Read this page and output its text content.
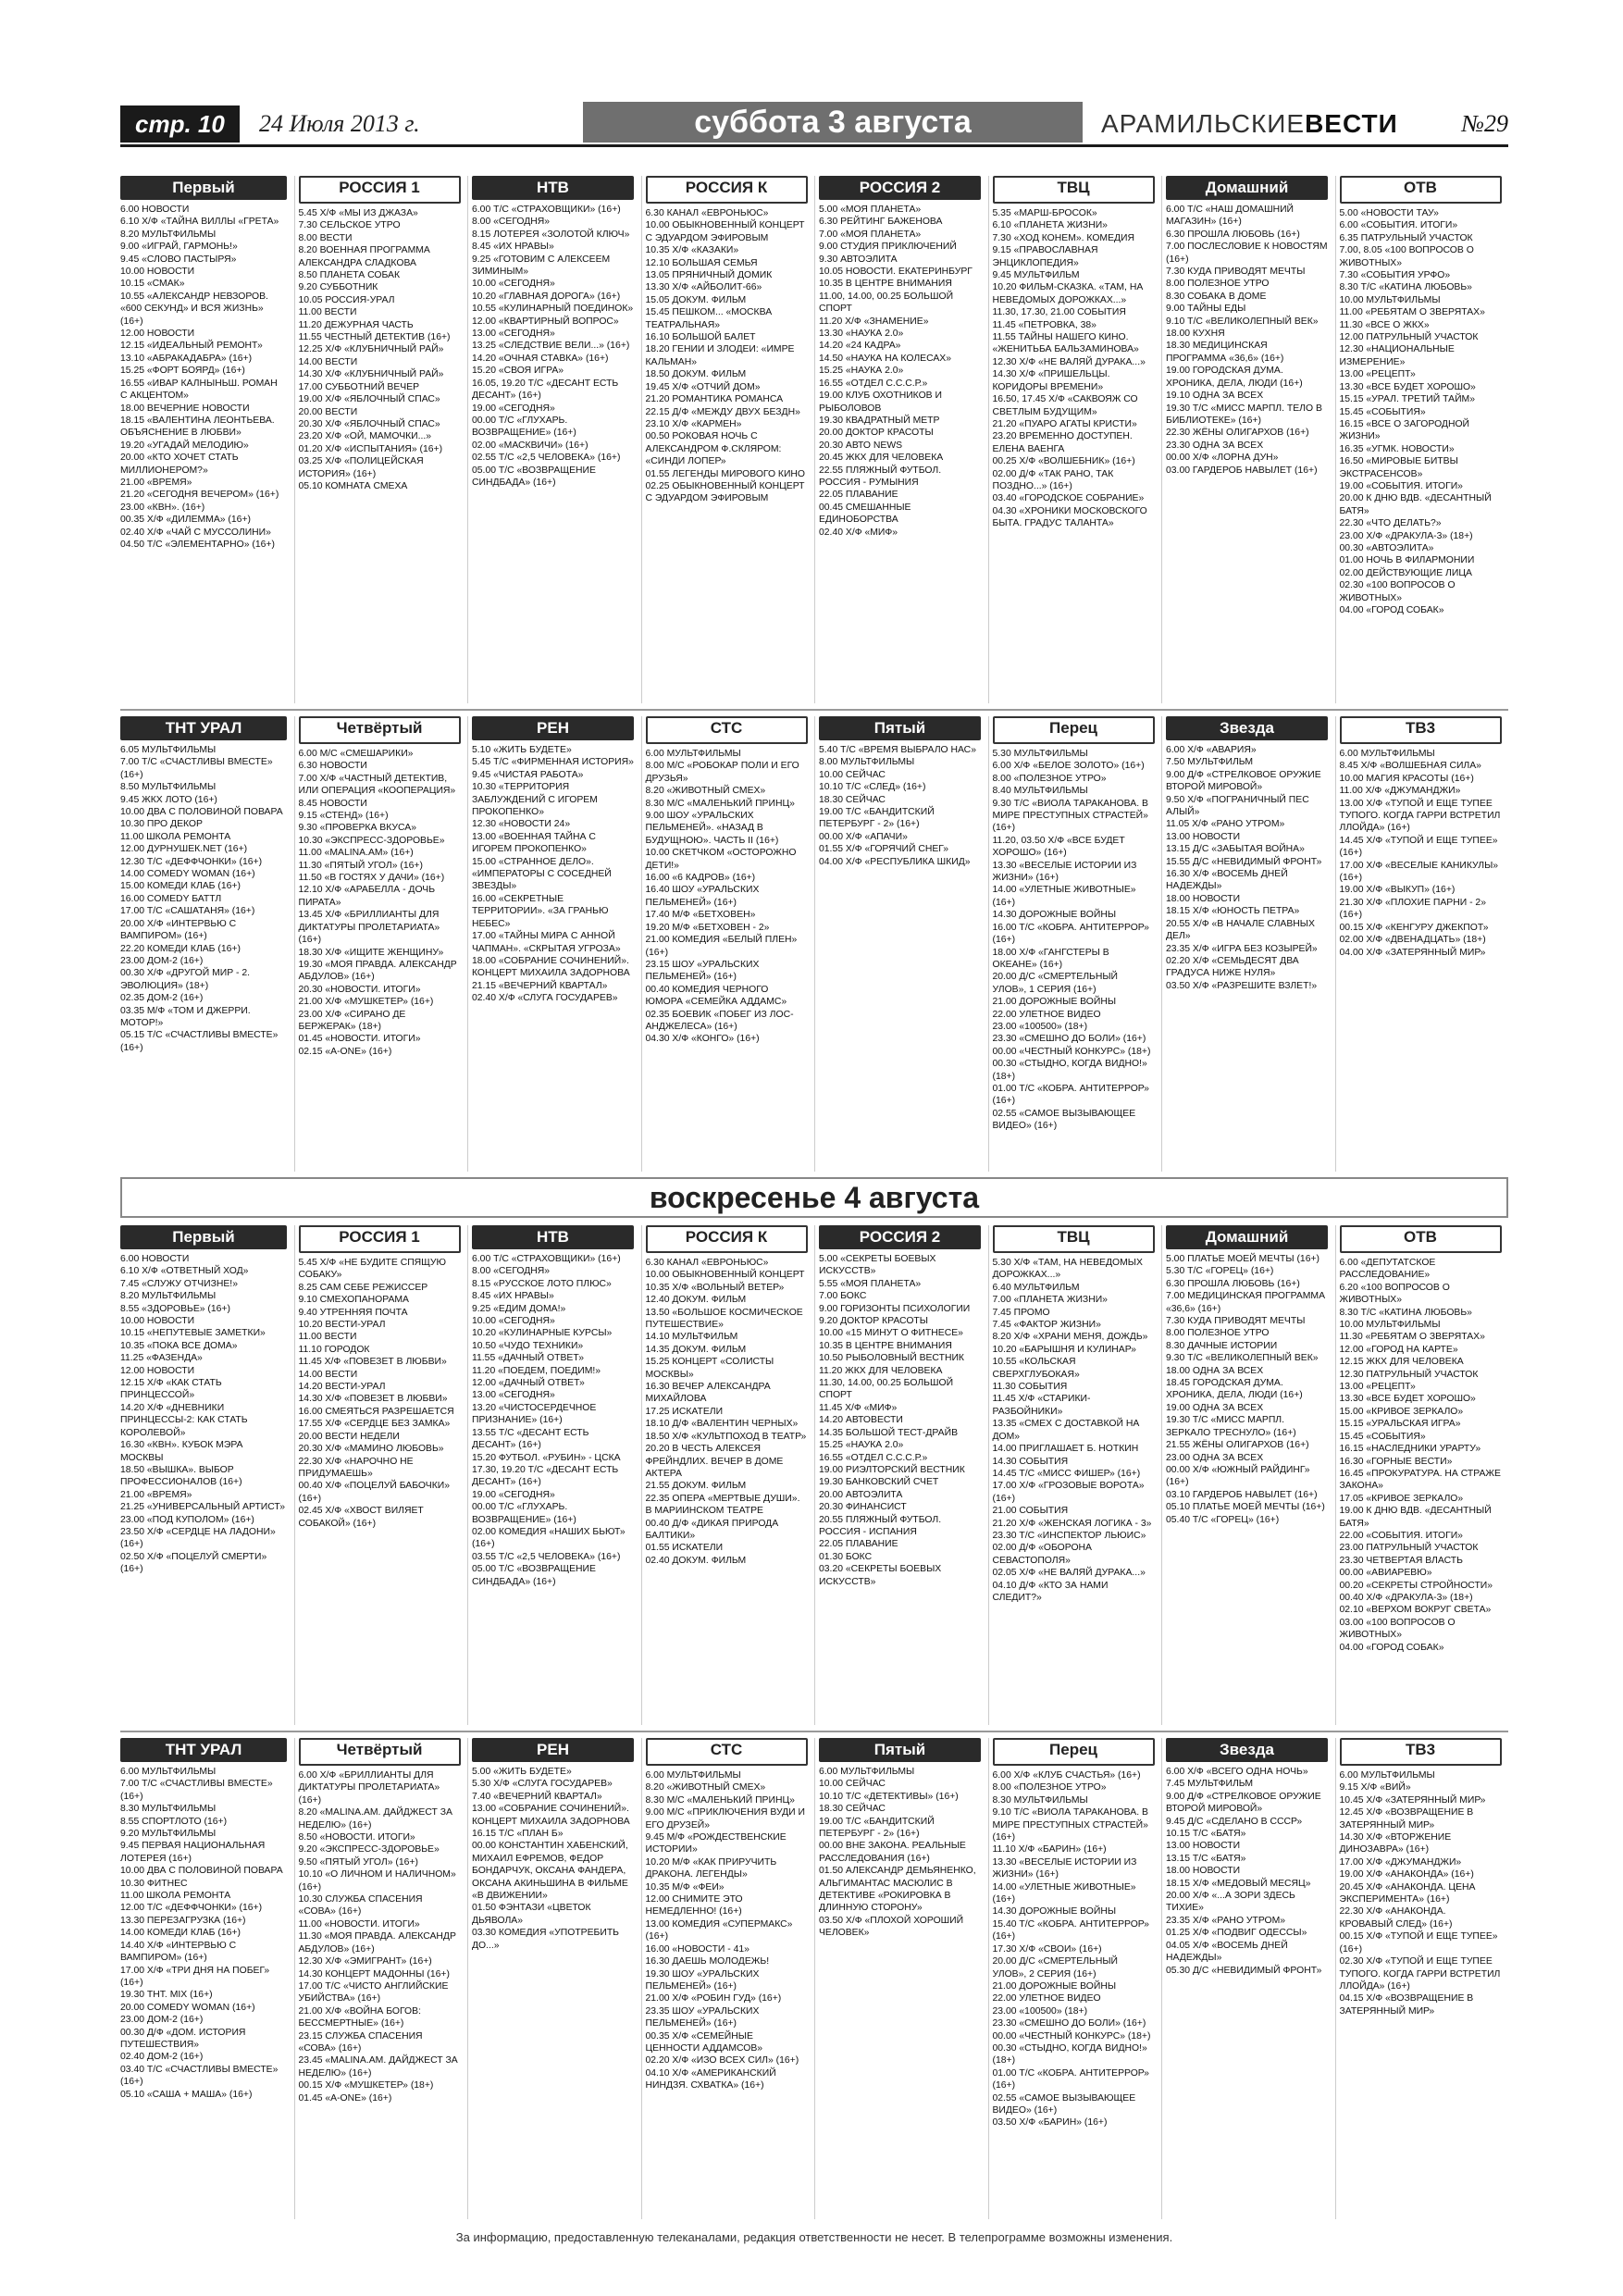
стр. 10	24 Июля 2013 г.	суббота 3 августа	АРАМИЛЬСКИЕВЕСТИ	№29
Первый
6.00 НОВОСТИ
6.10 Х/Ф «ТАЙНА ВИЛЛЫ «ГРЕТА»
8.20 МУЛЬТФИЛЬМЫ
9.00 «ИГРАЙ, ГАРМОНЬ!»
9.45 «СЛОВО ПАСТЫРЯ»
10.00 НОВОСТИ
10.15 «СМАК»
10.55 «АЛЕКСАНДР НЕВЗОРОВ. «600 СЕКУНД» И ВСЯ ЖИЗНЬ» (16+)
12.00 НОВОСТИ
12.15 «ИДЕАЛЬНЫЙ РЕМОНТ»
13.10 «АБРАКАДАБРА» (16+)
15.25 «ФОРТ БОЯРД» (16+)
16.55 «ИВАР КАЛНЫНЬШ. РОМАН С АКЦЕНТОМ»
18.00 ВЕЧЕРНИЕ НОВОСТИ
18.15 «ВАЛЕНТИНА ЛЕОНТЬЕВА. ОБЪЯСНЕНИЕ В ЛЮБВИ»
19.20 «УГАДАЙ МЕЛОДИЮ»
20.00 «КТО ХОЧЕТ СТАТЬ МИЛЛИОНЕРОМ?»
21.00 «ВРЕМЯ»
21.20 «СЕГОДНЯ ВЕЧЕРОМ» (16+)
23.00 «КВН». (16+)
00.35 Х/Ф «ДИЛЕММА» (16+)
02.40 Х/Ф «ЧАЙ С МУССОЛИНИ»
04.50 Т/С «ЭЛЕМЕНТАРНО» (16+)
РОССИЯ 1
5.45 Х/Ф «МЫ ИЗ ДЖАЗА»
7.30 СЕЛЬСКОЕ УТРО
8.00 ВЕСТИ
8.20 ВОЕННАЯ ПРОГРАММА АЛЕКСАНДРА СЛАДКОВА
8.50 ПЛАНЕТА СОБАК
9.20 СУББОТНИК
10.05 РОССИЯ-УРАЛ
11.00 ВЕСТИ
11.20 ДЕЖУРНАЯ ЧАСТЬ
11.55 ЧЕСТНЫЙ ДЕТЕКТИВ (16+)
12.25 Х/Ф «КЛУБНИЧНЫЙ РАЙ»
14.00 ВЕСТИ
14.30 Х/Ф «КЛУБНИЧНЫЙ РАЙ»
17.00 СУББОТНИЙ ВЕЧЕР
19.00 Х/Ф «ЯБЛОЧНЫЙ СПАС»
20.00 ВЕСТИ
20.30 Х/Ф «ЯБЛОЧНЫЙ СПАС»
23.20 Х/Ф «ОЙ, МАМОЧКИ...»
01.20 Х/Ф «ИСПЫТАНИЯ» (16+)
03.25 Х/Ф «ПОЛИЦЕЙСКАЯ ИСТОРИЯ» (16+)
05.10 КОМНАТА СМЕХА
НТВ
6.00 Т/С «СТРАХОВЩИКИ» (16+)
8.00 «СЕГОДНЯ»
8.15 ЛОТЕРЕЯ «ЗОЛОТОЙ КЛЮЧ»
8.45 «ИХ НРАВЫ»
9.25 «ГОТОВИМ С АЛЕКСЕЕМ ЗИМИНЫМ»
10.00 «СЕГОДНЯ»
10.20 «ГЛАВНАЯ ДОРОГА» (16+)
10.55 «КУЛИНАРНЫЙ ПОЕДИНОК»
12.00 «КВАРТИРНЫЙ ВОПРОС»
13.00 «СЕГОДНЯ»
13.25 «СЛЕДСТВИЕ ВЕЛИ...» (16+)
14.20 «ОЧНАЯ СТАВКА» (16+)
15.20 «СВОЯ ИГРА»
16.05, 19.20 Т/С «ДЕСАНТ ЕСТЬ ДЕСАНТ» (16+)
19.00 «СЕГОДНЯ»
00.00 Т/С «ГЛУХАРЬ. ВОЗВРАЩЕНИЕ» (16+)
02.00 «МАСКВИЧИ» (16+)
02.55 Т/С «2,5 ЧЕЛОВЕКА» (16+)
05.00 Т/С «ВОЗВРАЩЕНИЕ СИНДБАДА» (16+)
РОССИЯ К
6.30 КАНАЛ «ЕВРОНЬЮС»
10.00 ОБЫКНОВЕННЫЙ КОНЦЕРТ С ЭДУАРДОМ ЭФИРОВЫМ
10.35 Х/Ф «КАЗАКИ»
12.10 БОЛЬШАЯ СЕМЬЯ
13.05 ПРЯНИЧНЫЙ ДОМИК
13.30 Х/Ф «АЙБОЛИТ-66»
15.05 ДОКУМ. ФИЛЬМ
15.45 ПЕШКОМ... «МОСКВА ТЕАТРАЛЬНАЯ»
16.10 БОЛЬШОЙ БАЛЕТ
18.20 ГЕНИИ И ЗЛОДЕИ: «ИМРЕ КАЛЬМАН»
18.50 ДОКУМ. ФИЛЬМ
19.45 Х/Ф «ОТЧИЙ ДОМ»
21.20 РОМАНТИКА РОМАНСА
22.15 Д/Ф «МЕЖДУ ДВУХ БЕЗДН»
23.10 Х/Ф «КАРМЕН»
00.50 РОКОВАЯ НОЧЬ С АЛЕКСАНДРОМ Ф.СКЛЯРОМ: «СИНДИ ЛОПЕР»
01.55 ЛЕГЕНДЫ МИРОВОГО КИНО
02.25 ОБЫКНОВЕННЫЙ КОНЦЕРТ С ЭДУАРДОМ ЭФИРОВЫМ
РОССИЯ 2
5.00 «МОЯ ПЛАНЕТА»
6.30 РЕЙТИНГ БАЖЕНОВА
7.00 «МОЯ ПЛАНЕТА»
9.00 СТУДИЯ ПРИКЛЮЧЕНИЙ
9.30 АВТОЭЛИТА
10.05 НОВОСТИ. ЕКАТЕРИНБУРГ
10.35 В ЦЕНТРЕ ВНИМАНИЯ
11.00, 14.00, 00.25 БОЛЬШОЙ СПОРТ
11.20 Х/Ф «ЗНАМЕНИЕ»
13.30 «НАУКА 2.0»
14.20 «24 КАДРА»
14.50 «НАУКА НА КОЛЕСАХ»
15.25 «НАУКА 2.0»
16.55 «ОТДЕЛ С.С.С.Р.»
19.00 КЛУБ ОХОТНИКОВ И РЫБОЛОВОВ
19.30 КВАДРАТНЫЙ МЕТР
20.00 ДОКТОР КРАСОТЫ
20.30 АВТО NEWS
20.45 ЖКХ ДЛЯ ЧЕЛОВЕКА
22.55 ПЛЯЖНЫЙ ФУТБОЛ. РОССИЯ - РУМЫНИЯ
22.05 ПЛАВАНИЕ
00.45 СМЕШАННЫЕ ЕДИНОБОРСТВА
02.40 Х/Ф «МИФ»
ТВЦ
5.35 «МАРШ-БРОСОК»
6.10 «ПЛАНЕТА ЖИЗНИ»
7.30 «ХОД КОНЕМ». КОМЕДИЯ
9.15 «ПРАВОСЛАВНАЯ ЭНЦИКЛОПЕДИЯ»
9.45 МУЛЬТФИЛЬМ
10.20 ФИЛЬМ-СКАЗКА. «ТАМ, НА НЕВЕДОМЫХ ДОРОЖКАХ...»
11.30, 17.30, 21.00 СОБЫТИЯ
11.45 «ПЕТРОВКА, 38»
11.55 ТАЙНЫ НАШЕГО КИНО. «ЖЕНИТЬБА БАЛЬЗАМИНОВА»
12.30 Х/Ф «НЕ ВАЛЯЙ ДУРАКА...»
14.30 Х/Ф «ПРИШЕЛЬЦЫ. КОРИДОРЫ ВРЕМЕНИ»
16.50, 17.45 Х/Ф «САКВОЯЖ СО СВЕТЛЫМ БУДУЩИМ»
21.20 «ПУАРО АГАТЫ КРИСТИ»
23.20 ВРЕМЕННО ДОСТУПЕН. ЕЛЕНА ВАЕНГА
00.25 Х/Ф «ВОЛШЕБНИК» (16+)
02.00 Д/Ф «ТАК РАНО, ТАК ПОЗДНО...» (16+)
03.40 «ГОРОДСКОЕ СОБРАНИЕ»
04.30 «ХРОНИКИ МОСКОВСКОГО БЫТА. ГРАДУС ТАЛАНТА»
Домашний
6.00 Т/С «НАШ ДОМАШНИЙ МАГАЗИН» (16+)
6.30 ПРОШЛА ЛЮБОВЬ (16+)
7.00 ПОСЛЕСЛОВИЕ К НОВОСТЯМ (16+)
7.30 КУДА ПРИВОДЯТ МЕЧТЫ
8.00 ПОЛЕЗНОЕ УТРО
8.30 СОБАКА В ДОМЕ
9.00 ТАЙНЫ ЕДЫ
9.10 Т/С «ВЕЛИКОЛЕПНЫЙ ВЕК»
18.00 КУХНЯ
18.30 МЕДИЦИНСКАЯ ПРОГРАММА «36,6» (16+)
19.00 ГОРОДСКАЯ ДУМА. ХРОНИКА, ДЕЛА, ЛЮДИ (16+)
19.10 ОДНА ЗА ВСЕХ
19.30 Т/С «МИСС МАРПЛ. ТЕЛО В БИБЛИОТЕКЕ» (16+)
22.30 ЖЁНЫ ОЛИГАРХОВ (16+)
23.30 ОДНА ЗА ВСЕХ
00.00 Х/Ф «ЛОРНА ДУН»
03.00 ГАРДЕРОБ НАВЫЛЕТ (16+)
ОТВ
5.00 «НОВОСТИ ТАУ»
6.00 «СОБЫТИЯ. ИТОГИ»
6.35 ПАТРУЛЬНЫЙ УЧАСТОК
7.00, 8.05 «100 ВОПРОСОВ О ЖИВОТНЫХ»
7.30 «СОБЫТИЯ УРФО»
8.30 Т/С «КАТИНА ЛЮБОВЬ»
10.00 МУЛЬТФИЛЬМЫ
11.00 «РЕБЯТАМ О ЗВЕРЯТАХ»
11.30 «ВСЕ О ЖКХ»
12.00 ПАТРУЛЬНЫЙ УЧАСТОК
12.30 «НАЦИОНАЛЬНЫЕ ИЗМЕРЕНИЕ»
13.00 «РЕЦЕПТ»
13.30 «ВСЕ БУДЕТ ХОРОШО»
15.15 «УРАЛ. ТРЕТИЙ ТАЙМ»
15.45 «СОБЫТИЯ»
16.15 «ВСЕ О ЗАГОРОДНОЙ ЖИЗНИ»
16.35 «УГМК. НОВОСТИ»
16.50 «МИРОВЫЕ БИТВЫ ЭКСТРАСЕНСОВ»
19.00 «СОБЫТИЯ. ИТОГИ»
20.00 К ДНЮ ВДВ. «ДЕСАНТНЫЙ БАТЯ»
22.30 «ЧТО ДЕЛАТЬ?»
23.00 Х/Ф «ДРАКУЛА-3» (18+)
00.30 «АВТОЭЛИТА»
01.00 НОЧЬ В ФИЛАРМОНИИ
02.00 ДЕЙСТВУЮЩИЕ ЛИЦА
02.30 «100 ВОПРОСОВ О ЖИВОТНЫХ»
04.00 «ГОРОД СОБАК»
ТНТ УРАЛ
6.05 МУЛЬТФИЛЬМЫ
7.00 Т/С «СЧАСТЛИВЫ ВМЕСТЕ» (16+)
8.50 МУЛЬТФИЛЬМЫ
9.45 ЖКХ ЛОТО (16+)
10.00 ДВА С ПОЛОВИНОЙ ПОВАРА
10.30 ПРО ДЕКОР
11.00 ШКОЛА РЕМОНТА
12.00 ДУРНУШЕК.NET (16+)
12.30 Т/С «ДЕФФЧОНКИ» (16+)
14.00 COMEDY WOMAN (16+)
15.00 КОМЕДИ КЛАБ (16+)
16.00 COMEDY БАТТЛ
17.00 Т/С «САШАТАНЯ» (16+)
20.00 Х/Ф «ИНТЕРВЬЮ С ВАМПИРОМ» (16+)
22.20 КОМЕДИ КЛАБ (16+)
23.00 ДОМ-2 (16+)
00.30 Х/Ф «ДРУГОЙ МИР - 2. ЭВОЛЮЦИЯ» (18+)
02.35 ДОМ-2 (16+)
03.35 М/Ф «ТОМ И ДЖЕРРИ. МОТОР!»
05.15 Т/С «СЧАСТЛИВЫ ВМЕСТЕ» (16+)
Четвёртый
6.00 М/С «СМЕШАРИКИ»
6.30 НОВОСТИ
7.00 Х/Ф «ЧАСТНЫЙ ДЕТЕКТИВ, ИЛИ ОПЕРАЦИЯ «КООПЕРАЦИЯ»
8.45 НОВОСТИ
9.15 «СТЕНД» (16+)
9.30 «ПРОВЕРКА ВКУСА»
10.30 «ЭКСПРЕСС-ЗДОРОВЬЕ»
11.00 «MALINA.AM» (16+)
11.30 «ПЯТЫЙ УГОЛ» (16+)
11.50 «В ГОСТЯХ У ДАЧИ» (16+)
12.10 Х/Ф «АРАБЕЛЛА - ДОЧЬ ПИРАТА»
13.45 Х/Ф «БРИЛЛИАНТЫ ДЛЯ ДИКТАТУРЫ ПРОЛЕТАРИАТА» (16+)
18.30 Х/Ф «ИЩИТЕ ЖЕНЩИНУ»
19.30 «МОЯ ПРАВДА. АЛЕКСАНДР АБДУЛОВ» (16+)
20.30 «НОВОСТИ. ИТОГИ»
21.00 Х/Ф «МУШКЕТЕР» (16+)
23.00 Х/Ф «СИРАНО ДЕ БЕРЖЕРАК» (18+)
01.45 «НОВОСТИ. ИТОГИ»
02.15 «A-ONE» (16+)
РЕН
5.10 «ЖИТЬ БУДЕТЕ»
5.45 Т/С «ФИРМЕННАЯ ИСТОРИЯ»
9.45 «ЧИСТАЯ РАБОТА»
10.30 «ТЕРРИТОРИЯ ЗАБЛУЖДЕНИЙ С ИГОРЕМ ПРОКОПЕНКО»
12.30 «НОВОСТИ 24»
13.00 «ВОЕННАЯ ТАЙНА С ИГОРЕМ ПРОКОПЕНКО»
15.00 «СТРАННОЕ ДЕЛО». «ИМПЕРАТОРЫ С СОСЕДНЕЙ ЗВЕЗДЫ»
16.00 «СЕКРЕТНЫЕ ТЕРРИТОРИИ». «ЗА ГРАНЬЮ НЕБЕС»
17.00 «ТАЙНЫ МИРА С АННОЙ ЧАПМАН». «СКРЫТАЯ УГРОЗА»
18.00 «СОБРАНИЕ СОЧИНЕНИЙ». КОНЦЕРТ МИХАИЛА ЗАДОРНОВА
21.15 «ВЕЧЕРНИЙ КВАРТАЛ»
02.40 Х/Ф «СЛУГА ГОСУДАРЕВ»
СТС
6.00 МУЛЬТФИЛЬМЫ
8.00 М/С «РОБОКАР ПОЛИ И ЕГО ДРУЗЬЯ»
8.20 «ЖИВОТНЫЙ СМЕХ»
8.30 М/С «МАЛЕНЬКИЙ ПРИНЦ»
9.00 ШОУ «УРАЛЬСКИХ ПЕЛЬМЕНЕЙ». «НАЗАД В БУДУЩНОЮ». ЧАСТЬ II (16+)
10.00 СКЕТЧКОМ «ОСТОРОЖНО ДЕТИ!»
16.00 «6 КАДРОВ» (16+)
16.40 ШОУ «УРАЛЬСКИХ ПЕЛЬМЕНЕЙ» (16+)
17.40 М/Ф «БЕТХОВЕН»
19.20 М/Ф «БЕТХОВЕН - 2»
21.00 КОМЕДИЯ «БЕЛЫЙ ПЛЕН» (16+)
23.15 ШОУ «УРАЛЬСКИХ ПЕЛЬМЕНЕЙ» (16+)
00.40 КОМЕДИЯ ЧЕРНОГО ЮМОРА «СЕМЕЙКА АДДАМС»
02.35 БОЕВИК «ПОБЕГ ИЗ ЛОС-АНДЖЕЛЕСА» (16+)
04.30 Х/Ф «КОНГО» (16+)
Пятый
5.40 Т/С «ВРЕМЯ ВЫБРАЛО НАС»
8.00 МУЛЬТФИЛЬМЫ
10.00 СЕЙЧАС
10.10 Т/С «СЛЕД» (16+)
18.30 СЕЙЧАС
19.00 Т/С «БАНДИТСКИЙ ПЕТЕРБУРГ - 2» (16+)
00.00 Х/Ф «АПАЧИ»
01.55 Х/Ф «ГОРЯЧИЙ СНЕГ»
04.00 Х/Ф «РЕСПУБЛИКА ШКИД»
Перец
5.30 МУЛЬТФИЛЬМЫ
6.00 Х/Ф «БЕЛОЕ ЗОЛОТО» (16+)
8.00 «ПОЛЕЗНОЕ УТРО»
8.40 МУЛЬТФИЛЬМЫ
9.30 Т/С «ВИОЛА ТАРАКАНОВА. В МИРЕ ПРЕСТУПНЫХ СТРАСТЕЙ» (16+)
11.20, 03.50 Х/Ф «ВСЕ БУДЕТ ХОРОШО» (16+)
13.30 «ВЕСЕЛЫЕ ИСТОРИИ ИЗ ЖИЗНИ» (16+)
14.00 «УЛЕТНЫЕ ЖИВОТНЫЕ» (16+)
14.30 ДОРОЖНЫЕ ВОЙНЫ
16.00 Т/С «КОБРА. АНТИТЕРРОР» (16+)
18.00 Х/Ф «ГАНГСТЕРЫ В ОКЕАНЕ» (16+)
20.00 Д/С «СМЕРТЕЛЬНЫЙ УЛОВ», 1 СЕРИЯ (16+)
21.00 ДОРОЖНЫЕ ВОЙНЫ
22.00 УЛЕТНОЕ ВИДЕО
23.00 «100500» (18+)
23.30 «СМЕШНО ДО БОЛИ» (16+)
00.00 «ЧЕСТНЫЙ КОНКУРС» (18+)
00.30 «СТЫДНО, КОГДА ВИДНО!» (18+)
01.00 Т/С «КОБРА. АНТИТЕРРОР» (16+)
02.55 «САМОЕ ВЫЗЫВАЮЩЕЕ ВИДЕО» (16+)
Звезда
6.00 Х/Ф «АВАРИЯ»
7.50 МУЛЬТФИЛЬМ
9.00 Д/Ф «СТРЕЛКОВОЕ ОРУЖИЕ ВТОРОЙ МИРОВОЙ»
9.50 Х/Ф «ПОГРАНИЧНЫЙ ПЕС АЛЫЙ»
11.05 Х/Ф «РАНО УТРОМ»
13.00 НОВОСТИ
13.15 Д/С «ЗАБЫТАЯ ВОЙНА»
15.55 Д/С «НЕВИДИМЫЙ ФРОНТ»
16.30 Х/Ф «ВОСЕМЬ ДНЕЙ НАДЕЖДЫ»
18.00 НОВОСТИ
18.15 Х/Ф «ЮНОСТЬ ПЕТРА»
20.55 Х/Ф «В НАЧАЛЕ СЛАВНЫХ ДЕЛ»
23.35 Х/Ф «ИГРА БЕЗ КОЗЫРЕЙ»
02.20 Х/Ф «СЕМЬДЕСЯТ ДВА ГРАДУСА НИЖЕ НУЛЯ»
03.50 Х/Ф «РАЗРЕШИТЕ ВЗЛЕТ!»
ТВ3
6.00 МУЛЬТФИЛЬМЫ
8.45 Х/Ф «ВОЛШЕБНАЯ СИЛА»
10.00 МАГИЯ КРАСОТЫ (16+)
11.00 Х/Ф «ДЖУМАНДЖИ»
13.00 Х/Ф «ТУПОЙ И ЕЩЕ ТУПЕЕ ТУПОГО. КОГДА ГАРРИ ВСТРЕТИЛ ЛЛОЙДА» (16+)
14.45 Х/Ф «ТУПОЙ И ЕЩЕ ТУПЕЕ» (16+)
17.00 Х/Ф «ВЕСЕЛЫЕ КАНИКУЛЫ» (16+)
19.00 Х/Ф «ВЫКУП» (16+)
21.30 Х/Ф «ПЛОХИЕ ПАРНИ - 2» (16+)
00.15 Х/Ф «КЕНГУРУ ДЖЕКПОТ»
02.00 Х/Ф «ДВЕНАДЦАТЬ» (18+)
04.00 Х/Ф «ЗАТЕРЯННЫЙ МИР»
воскресенье 4 августа
Первый
6.00 НОВОСТИ
6.10 Х/Ф «ОТВЕТНЫЙ ХОД»
7.45 «СЛУЖУ ОТЧИЗНЕ!»
8.20 МУЛЬТФИЛЬМЫ
8.55 «ЗДОРОВЬЕ» (16+)
10.00 НОВОСТИ
10.15 «НЕПУТЕВЫЕ ЗАМЕТКИ»
10.35 «ПОКА ВСЕ ДОМА»
11.25 «ФАЗЕНДА»
12.00 НОВОСТИ
12.15 Х/Ф «КАК СТАТЬ ПРИНЦЕССОЙ»
14.20 Х/Ф «ДНЕВНИКИ ПРИНЦЕССЫ-2: КАК СТАТЬ КОРОЛЕВОЙ»
16.30 «КВН». КУБОК МЭРА МОСКВЫ
18.50 «ВЫШКА». ВЫБОР ПРОФЕССИОНАЛОВ (16+)
21.00 «ВРЕМЯ»
21.25 «УНИВЕРСАЛЬНЫЙ АРТИСТ»
23.00 «ПОД КУПОЛОМ» (16+)
23.50 Х/Ф «СЕРДЦЕ НА ЛАДОНИ» (16+)
02.50 Х/Ф «ПОЦЕЛУЙ СМЕРТИ» (16+)
РОССИЯ 1
5.45 Х/Ф «НЕ БУДИТЕ СПЯЩУЮ СОБАКУ»
8.25 САМ СЕБЕ РЕЖИССЕР
9.10 СМЕХОПАНОРАМА
9.40 УТРЕННЯЯ ПОЧТА
10.20 ВЕСТИ-УРАЛ
11.00 ВЕСТИ
11.10 ГОРОДОК
11.45 Х/Ф «ПОВЕЗЕТ В ЛЮБВИ»
14.00 ВЕСТИ
14.20 ВЕСТИ-УРАЛ
14.30 Х/Ф «ПОВЕЗЕТ В ЛЮБВИ»
16.00 СМЕЯТЬСЯ РАЗРЕШАЕТСЯ
17.55 Х/Ф «СЕРДЦЕ БЕЗ ЗАМКА»
20.00 ВЕСТИ НЕДЕЛИ
20.30 Х/Ф «МАМИНО ЛЮБОВЬ»
22.30 Х/Ф «НАРОЧНО НЕ ПРИДУМАЕШЬ»
00.40 Х/Ф «ПОЦЕЛУЙ БАБОЧКИ» (16+)
02.45 Х/Ф «ХВОСТ ВИЛЯЕТ СОБАКОЙ» (16+)
НТВ
6.00 Т/С «СТРАХОВЩИКИ» (16+)
8.00 «СЕГОДНЯ»
8.15 «РУССКОЕ ЛОТО ПЛЮС»
8.45 «ИХ НРАВЫ»
9.25 «ЕДИМ ДОМА!»
10.00 «СЕГОДНЯ»
10.20 «КУЛИНАРНЫЕ КУРСЫ»
10.50 «ЧУДО ТЕХНИКИ»
11.55 «ДАЧНЫЙ ОТВЕТ»
11.20 «ПОЕДЕМ, ПОЕДИМ!»
12.00 «ДАЧНЫЙ ОТВЕТ»
13.00 «СЕГОДНЯ»
13.20 «ЧИСТОСЕРДЕЧНОЕ ПРИЗНАНИЕ» (16+)
13.55 Т/С «ДЕСАНТ ЕСТЬ ДЕСАНТ» (16+)
15.20 ФУТБОЛ. «РУБИН» - ЦСКА
17.30, 19.20 Т/С «ДЕСАНТ ЕСТЬ ДЕСАНТ» (16+)
19.00 «СЕГОДНЯ»
00.00 Т/С «ГЛУХАРЬ. ВОЗВРАЩЕНИЕ» (16+)
02.00 КОМЕДИЯ «НАШИХ БЬЮТ» (16+)
03.55 Т/С «2,5 ЧЕЛОВЕКА» (16+)
05.00 Т/С «ВОЗВРАЩЕНИЕ СИНДБАДА» (16+)
РОССИЯ К
6.30 КАНАЛ «ЕВРОНЬЮС»
10.00 ОБЫКНОВЕННЫЙ КОНЦЕРТ
10.35 Х/Ф «ВОЛЬНЫЙ ВЕТЕР»
12.40 ДОКУМ. ФИЛЬМ
13.50 «БОЛЬШОЕ КОСМИЧЕСКОЕ ПУТЕШЕСТВИЕ»
14.10 МУЛЬТФИЛЬМ
14.35 ДОКУМ. ФИЛЬМ
15.25 КОНЦЕРТ «СОЛИСТЫ МОСКВЫ»
16.30 ВЕЧЕР АЛЕКСАНДРА МИХАЙЛОВА
17.25 ИСКАТЕЛИ
18.10 Д/Ф «ВАЛЕНТИН ЧЕРНЫХ»
18.50 Х/Ф «КУЛЬТПОХОД В ТЕАТР»
20.20 В ЧЕСТЬ АЛЕКСЕЯ ФРЕЙНДЛИХ. ВЕЧЕР В ДОМЕ АКТЕРА
21.55 ДОКУМ. ФИЛЬМ
22.35 ОПЕРА «МЕРТВЫЕ ДУШИ». В МАРИИНСКОМ ТЕАТРЕ
00.40 Д/Ф «ДИКАЯ ПРИРОДА БАЛТИКИ»
01.55 ИСКАТЕЛИ
02.40 ДОКУМ. ФИЛЬМ
РОССИЯ 2
5.00 «СЕКРЕТЫ БОЕВЫХ ИСКУССТВ»
5.55 «МОЯ ПЛАНЕТА»
7.00 БОКС
9.00 ГОРИЗОНТЫ ПСИХОЛОГИИ
9.20 ДОКТОР КРАСОТЫ
10.00 «15 МИНУТ О ФИТНЕСЕ»
10.35 В ЦЕНТРЕ ВНИМАНИЯ
10.50 РЫБОЛОВНЫЙ ВЕСТНИК
11.20 ЖКХ ДЛЯ ЧЕЛОВЕКА
11.30, 14.00, 00.25 БОЛЬШОЙ СПОРТ
11.45 Х/Ф «МИФ»
14.20 АВТОВЕСТИ
14.35 БОЛЬШОЙ ТЕСТ-ДРАЙВ
15.25 «НАУКА 2.0»
16.55 «ОТДЕЛ С.С.С.Р.»
19.00 РИЭЛТОРСКИЙ ВЕСТНИК
19.30 БАНКОВСКИЙ СЧЕТ
20.00 АВТОЭЛИТА
20.30 ФИНАНСИСТ
20.55 ПЛЯЖНЫЙ ФУТБОЛ. РОССИЯ - ИСПАНИЯ
22.05 ПЛАВАНИЕ
01.30 БОКС
03.20 «СЕКРЕТЫ БОЕВЫХ ИСКУССТВ»
ТВЦ
5.30 Х/Ф «ТАМ, НА НЕВЕДОМЫХ ДОРОЖКАХ...»
6.40 МУЛЬТФИЛЬМ
7.00 «ПЛАНЕТА ЖИЗНИ»
7.45 ПРОМО
7.45 «ФАКТОР ЖИЗНИ»
8.20 Х/Ф «ХРАНИ МЕНЯ, ДОЖДЬ»
10.20 «БАРЫШНЯ И КУЛИНАР»
10.55 «КОЛЬСКАЯ СВЕРХГЛУБОКАЯ»
11.30 СОБЫТИЯ
11.45 Х/Ф «СТАРИКИ-РАЗБОЙНИКИ»
13.35 «СМЕХ С ДОСТАВКОЙ НА ДОМ»
14.00 ПРИГЛАШАЕТ Б. НОТКИН
14.30 СОБЫТИЯ
14.45 Т/С «МИСС ФИШЕР» (16+)
17.00 Х/Ф «ГРОЗОВЫЕ ВОРОТА» (16+)
21.00 СОБЫТИЯ
21.20 Х/Ф «ЖЕНСКАЯ ЛОГИКА - 3»
23.30 Т/С «ИНСПЕКТОР ЛЬЮИС»
02.00 Д/Ф «ОБОРОНА СЕВАСТОПОЛЯ»
02.05 Х/Ф «НЕ ВАЛЯЙ ДУРАКА...»
04.10 Д/Ф «КТО ЗА НАМИ СЛЕДИТ?»
Домашний
5.00 ПЛАТЬЕ МОЕЙ МЕЧТЫ (16+)
5.30 Т/С «ГОРЕЦ» (16+)
6.30 ПРОШЛА ЛЮБОВЬ (16+)
7.00 МЕДИЦИНСКАЯ ПРОГРАММА «36,6» (16+)
7.30 КУДА ПРИВОДЯТ МЕЧТЫ
8.00 ПОЛЕЗНОЕ УТРО
8.30 ДАЧНЫЕ ИСТОРИИ
9.30 Т/С «ВЕЛИКОЛЕПНЫЙ ВЕК»
18.00 ОДНА ЗА ВСЕХ
18.45 ГОРОДСКАЯ ДУМА. ХРОНИКА, ДЕЛА, ЛЮДИ (16+)
19.00 ОДНА ЗА ВСЕХ
19.30 Т/С «МИСС МАРПЛ. ЗЕРКАЛО ТРЕСНУЛО» (16+)
21.55 ЖЁНЫ ОЛИГАРХОВ (16+)
23.00 ОДНА ЗА ВСЕХ
00.00 Х/Ф «ЮЖНЫЙ РАЙДИНГ» (16+)
03.10 ГАРДЕРОБ НАВЫЛЕТ (16+)
05.10 ПЛАТЬЕ МОЕЙ МЕЧТЫ (16+)
05.40 Т/С «ГОРЕЦ» (16+)
ОТВ
6.00 «ДЕПУТАТСКОЕ РАССЛЕДОВАНИЕ»
6.20 «100 ВОПРОСОВ О ЖИВОТНЫХ»
8.30 Т/С «КАТИНА ЛЮБОВЬ»
10.00 МУЛЬТФИЛЬМЫ
11.30 «РЕБЯТАМ О ЗВЕРЯТАХ»
12.00 «ГОРОД НА КАРТЕ»
12.15 ЖКХ ДЛЯ ЧЕЛОВЕКА
12.30 ПАТРУЛЬНЫЙ УЧАСТОК
13.00 «РЕЦЕПТ»
13.30 «ВСЕ БУДЕТ ХОРОШО»
15.00 «КРИВОЕ ЗЕРКАЛО»
15.15 «УРАЛЬСКАЯ ИГРА»
15.45 «СОБЫТИЯ»
16.15 «НАСЛЕДНИКИ УРАРТУ»
16.30 «ГОРНЫЕ ВЕСТИ»
16.45 «ПРОКУРАТУРА. НА СТРАЖЕ ЗАКОНА»
17.05 «КРИВОЕ ЗЕРКАЛО»
19.00 К ДНЮ ВДВ. «ДЕСАНТНЫЙ БАТЯ»
22.00 «СОБЫТИЯ. ИТОГИ»
23.00 ПАТРУЛЬНЫЙ УЧАСТОК
23.30 ЧЕТВЕРТАЯ ВЛАСТЬ
00.00 «АВИАРЕВЮ»
00.20 «СЕКРЕТЫ СТРОЙНОСТИ»
00.40 Х/Ф «ДРАКУЛА-3» (18+)
02.10 «ВЕРХОМ ВОКРУГ СВЕТА»
03.00 «100 ВОПРОСОВ О ЖИВОТНЫХ»
04.00 «ГОРОД СОБАК»
ТНТ УРАЛ
6.00 МУЛЬТФИЛЬМЫ
7.00 Т/С «СЧАСТЛИВЫ ВМЕСТЕ» (16+)
8.30 МУЛЬТФИЛЬМЫ
8.55 СПОРТЛОТО (16+)
9.20 МУЛЬТФИЛЬМЫ
9.45 ПЕРВАЯ НАЦИОНАЛЬНАЯ ЛОТЕРЕЯ (16+)
10.00 ДВА С ПОЛОВИНОЙ ПОВАРА
10.30 ФИТНЕС
11.00 ШКОЛА РЕМОНТА
12.00 Т/С «ДЕФФЧОНКИ» (16+)
13.30 ПЕРЕЗАГРУЗКА (16+)
14.00 КОМЕДИ КЛАБ (16+)
14.40 Х/Ф «ИНТЕРВЬЮ С ВАМПИРОМ» (16+)
17.00 Х/Ф «ТРИ ДНЯ НА ПОБЕГ» (16+)
19.30 ТНТ. MIX (16+)
20.00 COMEDY WOMAN (16+)
23.00 ДОМ-2 (16+)
00.30 Д/Ф «ДОМ. ИСТОРИЯ ПУТЕШЕСТВИЯ»
02.40 ДОМ-2 (16+)
03.40 Т/С «СЧАСТЛИВЫ ВМЕСТЕ» (16+)
05.10 «САША + МАША» (16+)
Четвёртый
6.00 Х/Ф «БРИЛЛИАНТЫ ДЛЯ ДИКТАТУРЫ ПРОЛЕТАРИАТА» (16+)
8.20 «MALINA.AM. ДАЙДЖЕСТ ЗА НЕДЕЛЮ» (16+)
8.50 «НОВОСТИ. ИТОГИ»
9.20 «ЭКСПРЕСС-ЗДОРОВЬЕ»
9.50 «ПЯТЫЙ УГОЛ» (16+)
10.10 «О ЛИЧНОМ И НАЛИЧНОМ» (16+)
10.30 СЛУЖБА СПАСЕНИЯ «СОВА» (16+)
11.00 «НОВОСТИ. ИТОГИ»
11.30 «МОЯ ПРАВДА. АЛЕКСАНДР АБДУЛОВ» (16+)
12.30 Х/Ф «ЭМИГРАНТ» (16+)
14.30 КОНЦЕРТ МАДОННЫ (16+)
17.00 Т/С «ЧИСТО АНГЛИЙСКИЕ УБИЙСТВА» (16+)
21.00 Х/Ф «ВОЙНА БОГОВ: БЕССМЕРТНЫЕ» (16+)
23.15 СЛУЖБА СПАСЕНИЯ «СОВА» (16+)
23.45 «MALINA.AM. ДАЙДЖЕСТ ЗА НЕДЕЛЮ» (16+)
00.15 Х/Ф «МУШКЕТЕР» (18+)
01.45 «A-ONE» (16+)
РЕН
5.00 «ЖИТЬ БУДЕТЕ»
5.30 Х/Ф «СЛУГА ГОСУДАРЕВ»
7.40 «ВЕЧЕРНИЙ КВАРТАЛ»
13.00 «СОБРАНИЕ СОЧИНЕНИЙ». КОНЦЕРТ МИХАИЛА ЗАДОРНОВА
16.15 Т/С «ПЛАН Б»
00.00 КОНСТАНТИН ХАБЕНСКИЙ, МИХАИЛ ЕФРЕМОВ, ФЕДОР БОНДАРЧУК, ОКСАНА ФАНДЕРА, ОКСАНА АКИНЬШИНА В ФИЛЬМЕ «В ДВИЖЕНИИ»
01.50 ФЭНТАЗИ «ЦВЕТОК ДЬЯВОЛА»
03.30 КОМЕДИЯ «УПОТРЕБИТЬ ДО...»
СТС
6.00 МУЛЬТФИЛЬМЫ
8.20 «ЖИВОТНЫЙ СМЕХ»
8.30 М/С «МАЛЕНЬКИЙ ПРИНЦ»
9.00 М/С «ПРИКЛЮЧЕНИЯ ВУДИ И ЕГО ДРУЗЕЙ»
9.45 М/Ф «РОЖДЕСТВЕНСКИЕ ИСТОРИИ»
10.20 М/Ф «КАК ПРИРУЧИТЬ ДРАКОНА. ЛЕГЕНДЫ»
10.35 М/Ф «ФЕИ»
12.00 СНИМИТЕ ЭТО НЕМЕДЛЕННО! (16+)
13.00 КОМЕДИЯ «СУПЕРМАКС» (16+)
16.00 «НОВОСТИ - 41»
16.30 ДАЕШЬ МОЛОДЕЖЬ!
19.30 ШОУ «УРАЛЬСКИХ ПЕЛЬМЕНЕЙ» (16+)
21.00 Х/Ф «РОБИН ГУД» (16+)
23.35 ШОУ «УРАЛЬСКИХ ПЕЛЬМЕНЕЙ» (16+)
00.35 Х/Ф «СЕМЕЙНЫЕ ЦЕННОСТИ АДДАМСОВ»
02.20 Х/Ф «ИЗО ВСЕХ СИЛ» (16+)
04.10 Х/Ф «АМЕРИКАНСКИЙ НИНДЗЯ. СХВАТКА» (16+)
Пятый
6.00 МУЛЬТФИЛЬМЫ
10.00 СЕЙЧАС
10.10 Т/С «ДЕТЕКТИВЫ» (16+)
18.30 СЕЙЧАС
19.00 Т/С «БАНДИТСКИЙ ПЕТЕРБУРГ - 2» (16+)
00.00 ВНЕ ЗАКОНА. РЕАЛЬНЫЕ РАССЛЕДОВАНИЯ (16+)
01.50 АЛЕКСАНДР ДЕМЬЯНЕНКО, АЛЬГИМАНТАС МАСЮЛИС В ДЕТЕКТИВЕ «РОКИРОВКА В ДЛИННУЮ СТОРОНУ»
03.50 Х/Ф «ПЛОХОЙ ХОРОШИЙ ЧЕЛОВЕК»
Перец
6.00 Х/Ф «КЛУБ СЧАСТЬЯ» (16+)
8.00 «ПОЛЕЗНОЕ УТРО»
8.30 МУЛЬТФИЛЬМЫ
9.10 Т/С «ВИОЛА ТАРАКАНОВА. В МИРЕ ПРЕСТУПНЫХ СТРАСТЕЙ» (16+)
11.10 Х/Ф «БАРИН» (16+)
13.30 «ВЕСЕЛЫЕ ИСТОРИИ ИЗ ЖИЗНИ» (16+)
14.00 «УЛЕТНЫЕ ЖИВОТНЫЕ» (16+)
14.30 ДОРОЖНЫЕ ВОЙНЫ
15.40 Т/С «КОБРА. АНТИТЕРРОР» (16+)
17.30 Х/Ф «СВОИ» (16+)
20.00 Д/С «СМЕРТЕЛЬНЫЙ УЛОВ», 2 СЕРИЯ (16+)
21.00 ДОРОЖНЫЕ ВОЙНЫ
22.00 УЛЕТНОЕ ВИДЕО
23.00 «100500» (18+)
23.30 «СМЕШНО ДО БОЛИ» (16+)
00.00 «ЧЕСТНЫЙ КОНКУРС» (18+)
00.30 «СТЫДНО, КОГДА ВИДНО!» (18+)
01.00 Т/С «КОБРА. АНТИТЕРРОР» (16+)
02.55 «САМОЕ ВЫЗЫВАЮЩЕЕ ВИДЕО» (16+)
03.50 Х/Ф «БАРИН» (16+)
Звезда
6.00 Х/Ф «ВСЕГО ОДНА НОЧЬ»
7.45 МУЛЬТФИЛЬМ
9.00 Д/Ф «СТРЕЛКОВОЕ ОРУЖИЕ ВТОРОЙ МИРОВОЙ»
9.45 Д/С «СДЕЛАНО В СССР»
10.15 Т/С «БАТЯ»
13.00 НОВОСТИ
13.15 Т/С «БАТЯ»
18.00 НОВОСТИ
18.15 Х/Ф «МЕДОВЫЙ МЕСЯЦ»
20.00 Х/Ф «...А ЗОРИ ЗДЕСЬ ТИХИЕ»
23.35 Х/Ф «РАНО УТРОМ»
01.25 Х/Ф «ПОДВИГ ОДЕССЫ»
04.05 Х/Ф «ВОСЕМЬ ДНЕЙ НАДЕЖДЫ»
05.30 Д/С «НЕВИДИМЫЙ ФРОНТ»
ТВ3
6.00 МУЛЬТФИЛЬМЫ
9.15 Х/Ф «ВИЙ»
10.45 Х/Ф «ЗАТЕРЯННЫЙ МИР»
12.45 Х/Ф «ВОЗВРАЩЕНИЕ В ЗАТЕРЯННЫЙ МИР»
14.30 Х/Ф «ВТОРЖЕНИЕ ДИНОЗАВРА» (16+)
17.00 Х/Ф «ДЖУМАНДЖИ»
19.00 Х/Ф «АНАКОНДА» (16+)
20.45 Х/Ф «АНАКОНДА. ЦЕНА ЭКСПЕРИМЕНТА» (16+)
22.30 Х/Ф «АНАКОНДА. КРОВАВЫЙ СЛЕД» (16+)
00.15 Х/Ф «ТУПОЙ И ЕЩЕ ТУПЕЕ» (16+)
02.30 Х/Ф «ТУПОЙ И ЕЩЕ ТУПЕЕ ТУПОГО. КОГДА ГАРРИ ВСТРЕТИЛ ЛЛОЙДА» (16+)
04.15 Х/Ф «ВОЗВРАЩЕНИЕ В ЗАТЕРЯННЫЙ МИР»
За информацию, предоставленную телеканалами, редакция ответственности не несет. В телепрограмме возможны изменения.
